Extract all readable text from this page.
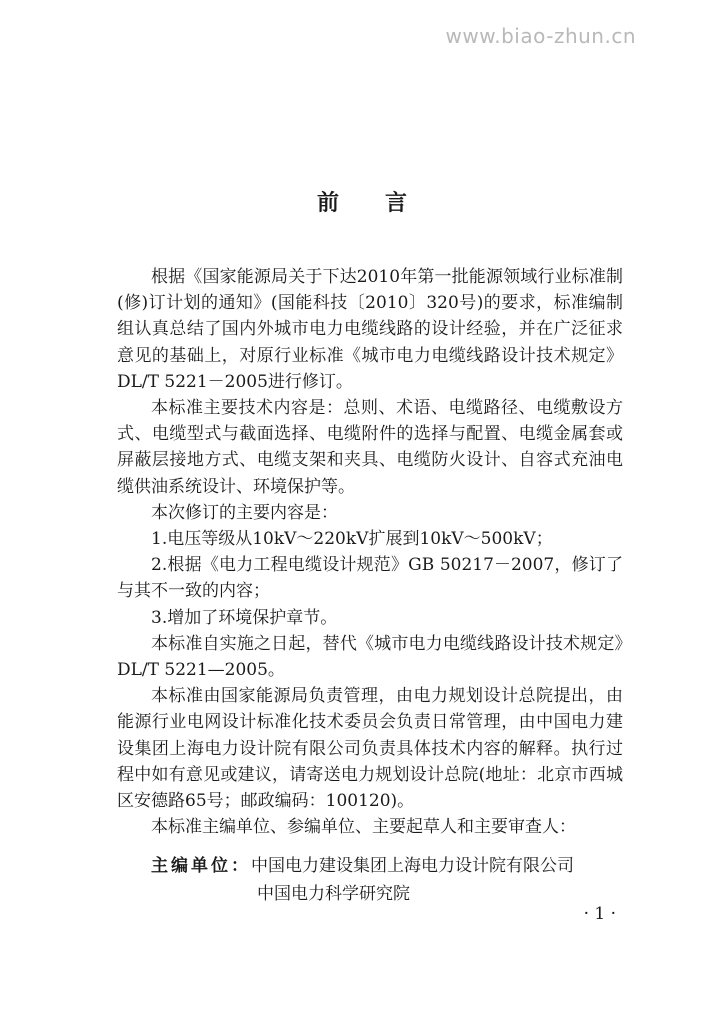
www.biao-zhun.cn
前言

根据《国家能源局关于下达2010年第一批能源领域行业标准制(修)订计划的通知》(国能科技〔2010〕320号)的要求，标准编制组认真总结了国内外城市电力电缆线路的设计经验，并在广泛征求意见的基础上，对原行业标准《城市电力电缆线路设计技术规定》DL/T 5221－2005进行修订。

本标准主要技术内容是：总则、术语、电缆路径、电缆敷设方式、电缆型式与截面选择、电缆附件的选择与配置、电缆金属套或屏蔽层接地方式、电缆支架和夹具、电缆防火设计、自容式充油电缆供油系统设计、环境保护等。

本次修订的主要内容是：

1.电压等级从10kV～220kV扩展到10kV～500kV；

2.根据《电力工程电缆设计规范》GB 50217－2007，修订了与其不一致的内容；

3.增加了环境保护章节。

本标准自实施之日起，替代《城市电力电缆线路设计技术规定》DL/T 5221—2005。

本标准由国家能源局负责管理，由电力规划设计总院提出，由能源行业电网设计标准化技术委员会负责日常管理，由中国电力建设集团上海电力设计院有限公司负责具体技术内容的解释。执行过程中如有意见或建议，请寄送电力规划设计总院(地址：北京市西城区安德路65号；邮政编码：100120)。

本标准主编单位、参编单位、主要起草人和主要审查人：

主编单位：中国电力建设集团上海电力设计院有限公司
中国电力科学研究院
· 1 ·
